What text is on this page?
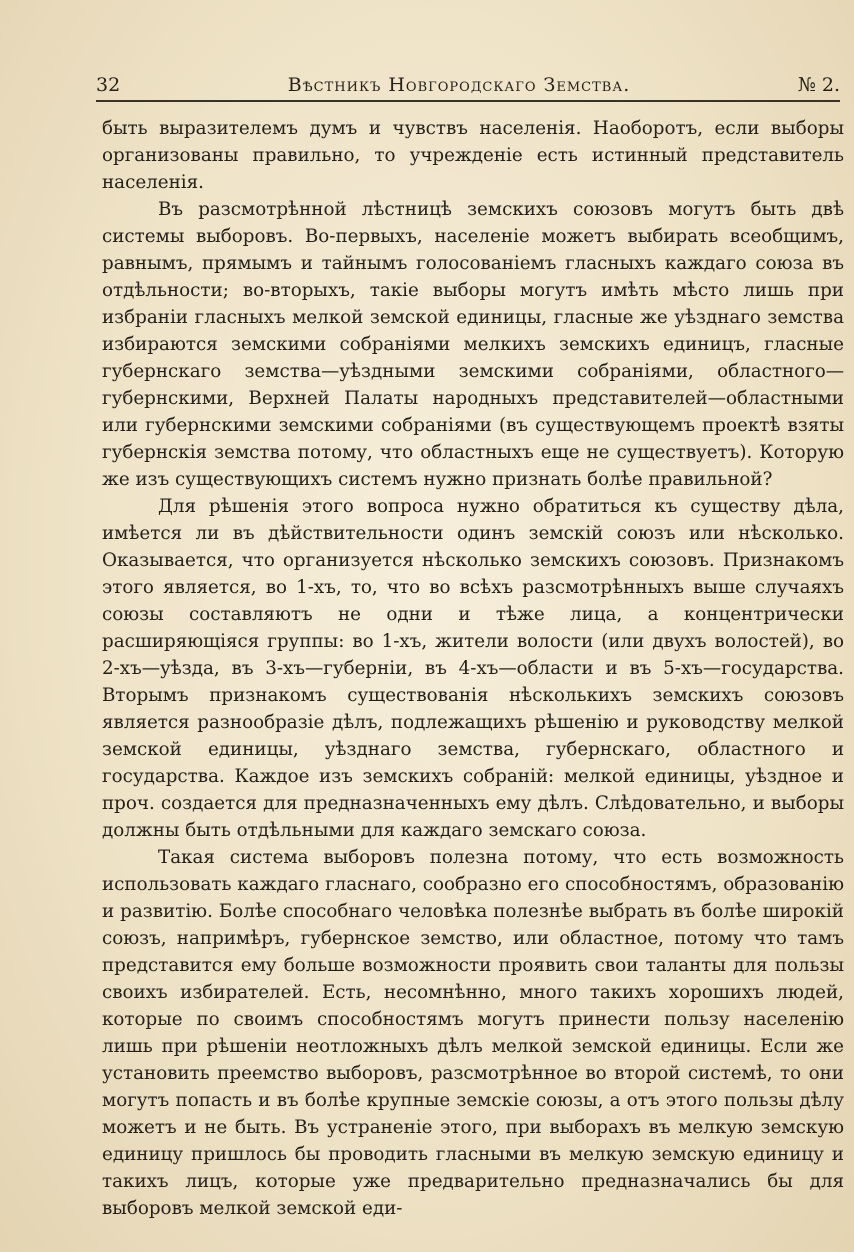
32	Вѣстникъ Новгородскаго Земства.	№ 2.

быть выразителемъ думъ и чувствъ населенія. Наоборотъ, если выборы организованы правильно, то учрежденіе есть истинный представитель населенія.

Въ разсмотрѣнной лѣстницѣ земскихъ союзовъ могутъ быть двѣ системы выборовъ. Во-первыхъ, населеніе можетъ выбирать всеобщимъ, равнымъ, прямымъ и тайнымъ голосованіемъ гласныхъ каждаго союза въ отдѣльности; во-вторыхъ, такіе выборы могутъ имѣть мѣсто лишь при избраніи гласныхъ мелкой земской единицы, гласные же уѣзднаго земства избираются земскими собраніями мелкихъ земскихъ единицъ, гласные губернскаго земства—уѣздными земскими собраніями, областного—губернскими, Верхней Палаты народныхъ представителей—областными или губернскими земскими собраніями (въ существующемъ проектѣ взяты губернскія земства потому, что областныхъ еще не существуетъ). Которую же изъ существующихъ системъ нужно признать болѣе правильной?

Для рѣшенія этого вопроса нужно обратиться къ существу дѣла, имѣется ли въ дѣйствительности одинъ земскій союзъ или нѣсколько. Оказывается, что организуется нѣсколько земскихъ союзовъ. Признакомъ этого является, во 1-хъ, то, что во всѣхъ разсмотрѣнныхъ выше случаяхъ союзы составляютъ не одни и тѣже лица, а концентрически расширяющіяся группы: во 1-хъ, жители волости (или двухъ волостей), во 2-хъ—уѣзда, въ 3-хъ—губерніи, въ 4-хъ—области и въ 5-хъ—государства. Вторымъ признакомъ существованія нѣсколькихъ земскихъ союзовъ является разнообразіе дѣлъ, подлежащихъ рѣшенію и руководству мелкой земской единицы, уѣзднаго земства, губернскаго, областного и государства. Каждое изъ земскихъ собраній: мелкой единицы, уѣздное и проч. создается для предназначенныхъ ему дѣлъ. Слѣдовательно, и выборы должны быть отдѣльными для каждаго земскаго союза.

Такая система выборовъ полезна потому, что есть возможность использовать каждаго гласнаго, сообразно его способностямъ, образованію и развитію. Болѣе способнаго человѣка полезнѣе выбрать въ болѣе широкій союзъ, напримѣръ, губернское земство, или областное, потому что тамъ представится ему больше возможности проявить свои таланты для пользы своихъ избирателей. Есть, несомнѣнно, много такихъ хорошихъ людей, которые по своимъ способностямъ могутъ принести пользу населенію лишь при рѣшеніи неотложныхъ дѣлъ мелкой земской единицы. Если же установить преемство выборовъ, разсмотрѣнное во второй системѣ, то они могутъ попасть и въ болѣе крупные земскіе союзы, а отъ этого пользы дѣлу можетъ и не быть. Въ устраненіе этого, при выборахъ въ мелкую земскую единицу пришлось бы проводить гласными въ мелкую земскую единицу и такихъ лицъ, которые уже предварительно предназначались бы для выборовъ мелкой земской еди-
